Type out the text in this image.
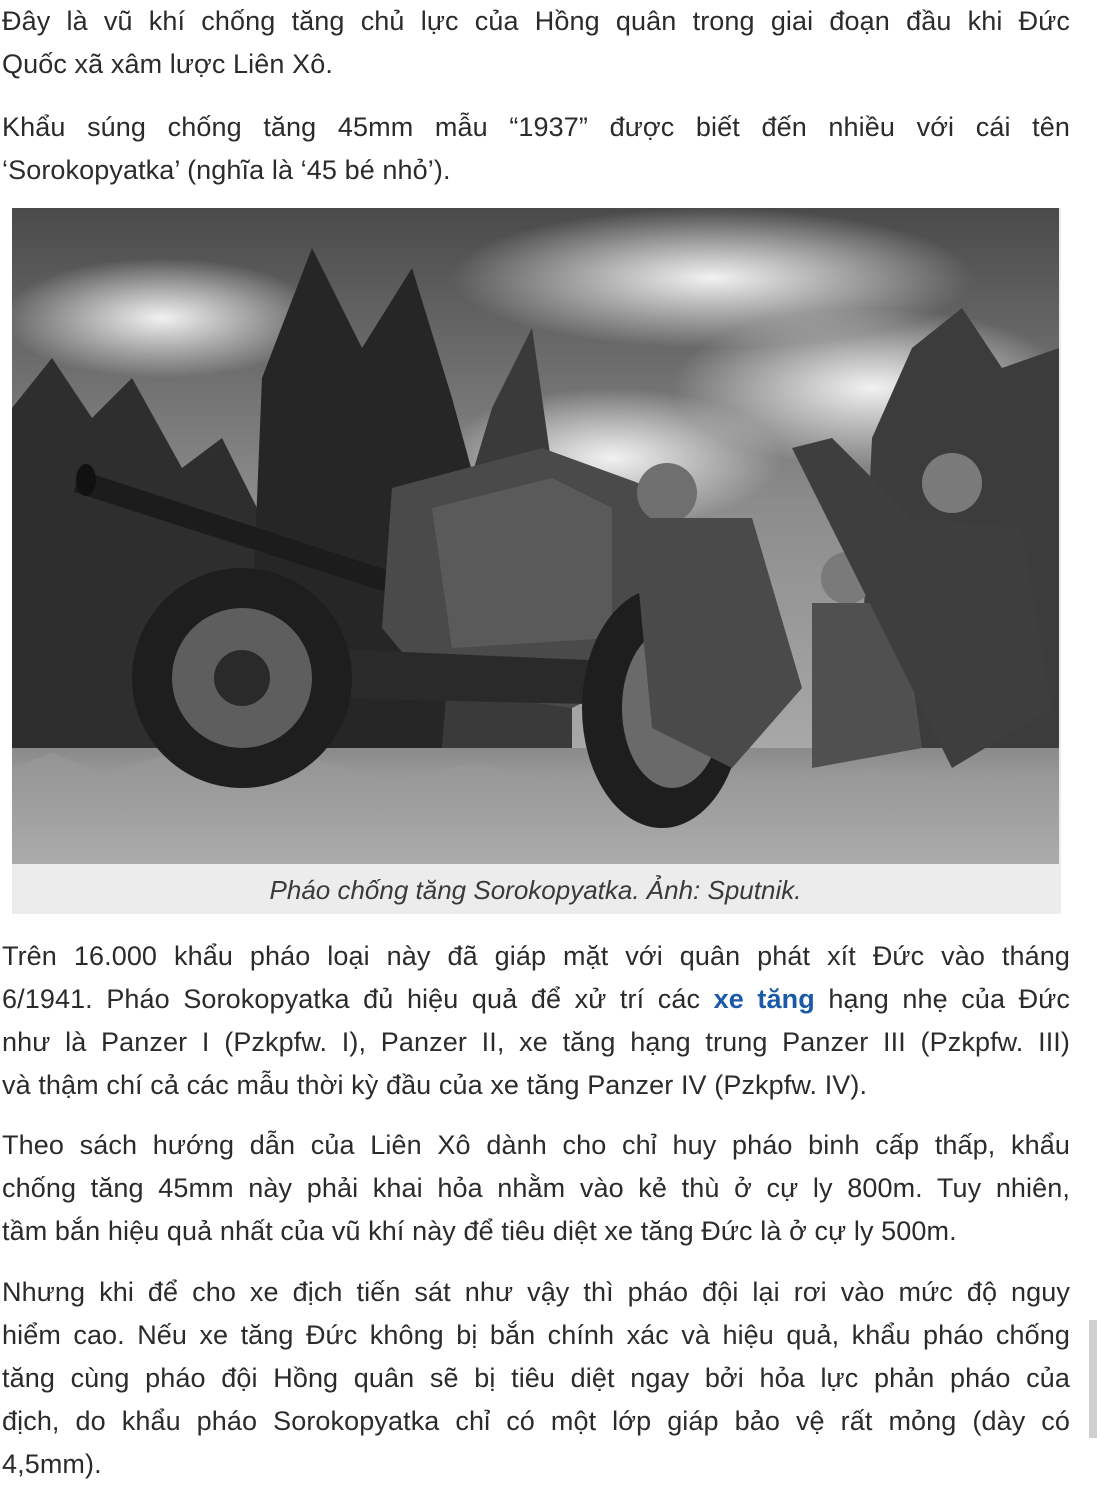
Đây là vũ khí chống tăng chủ lực của Hồng quân trong giai đoạn đầu khi Đức
Quốc xã xâm lược Liên Xô.

Khẩu súng chống tăng 45mm mẫu “1937” được biết đến nhiều với cái tên
‘Sorokopyatka’ (nghĩa là ‘45 bé nhỏ’).

Pháo chống tăng Sorokopyatka. Ảnh: Sputnik.

Trên 16.000 khẩu pháo loại này đã giáp mặt với quân phát xít Đức vào tháng
6/1941. Pháo Sorokopyatka đủ hiệu quả để xử trí các xe tăng hạng nhẹ của Đức
như là Panzer I (Pzkpfw. I), Panzer II, xe tăng hạng trung Panzer III (Pzkpfw. III)
và thậm chí cả các mẫu thời kỳ đầu của xe tăng Panzer IV (Pzkpfw. IV).

Theo sách hướng dẫn của Liên Xô dành cho chỉ huy pháo binh cấp thấp, khẩu
chống tăng 45mm này phải khai hỏa nhằm vào kẻ thù ở cự ly 800m. Tuy nhiên,
tầm bắn hiệu quả nhất của vũ khí này để tiêu diệt xe tăng Đức là ở cự ly 500m.

Nhưng khi để cho xe địch tiến sát như vậy thì pháo đội lại rơi vào mức độ nguy
hiểm cao. Nếu xe tăng Đức không bị bắn chính xác và hiệu quả, khẩu pháo chống
tăng cùng pháo đội Hồng quân sẽ bị tiêu diệt ngay bởi hỏa lực phản pháo của
địch, do khẩu pháo Sorokopyatka chỉ có một lớp giáp bảo vệ rất mỏng (dày có
4,5mm).
